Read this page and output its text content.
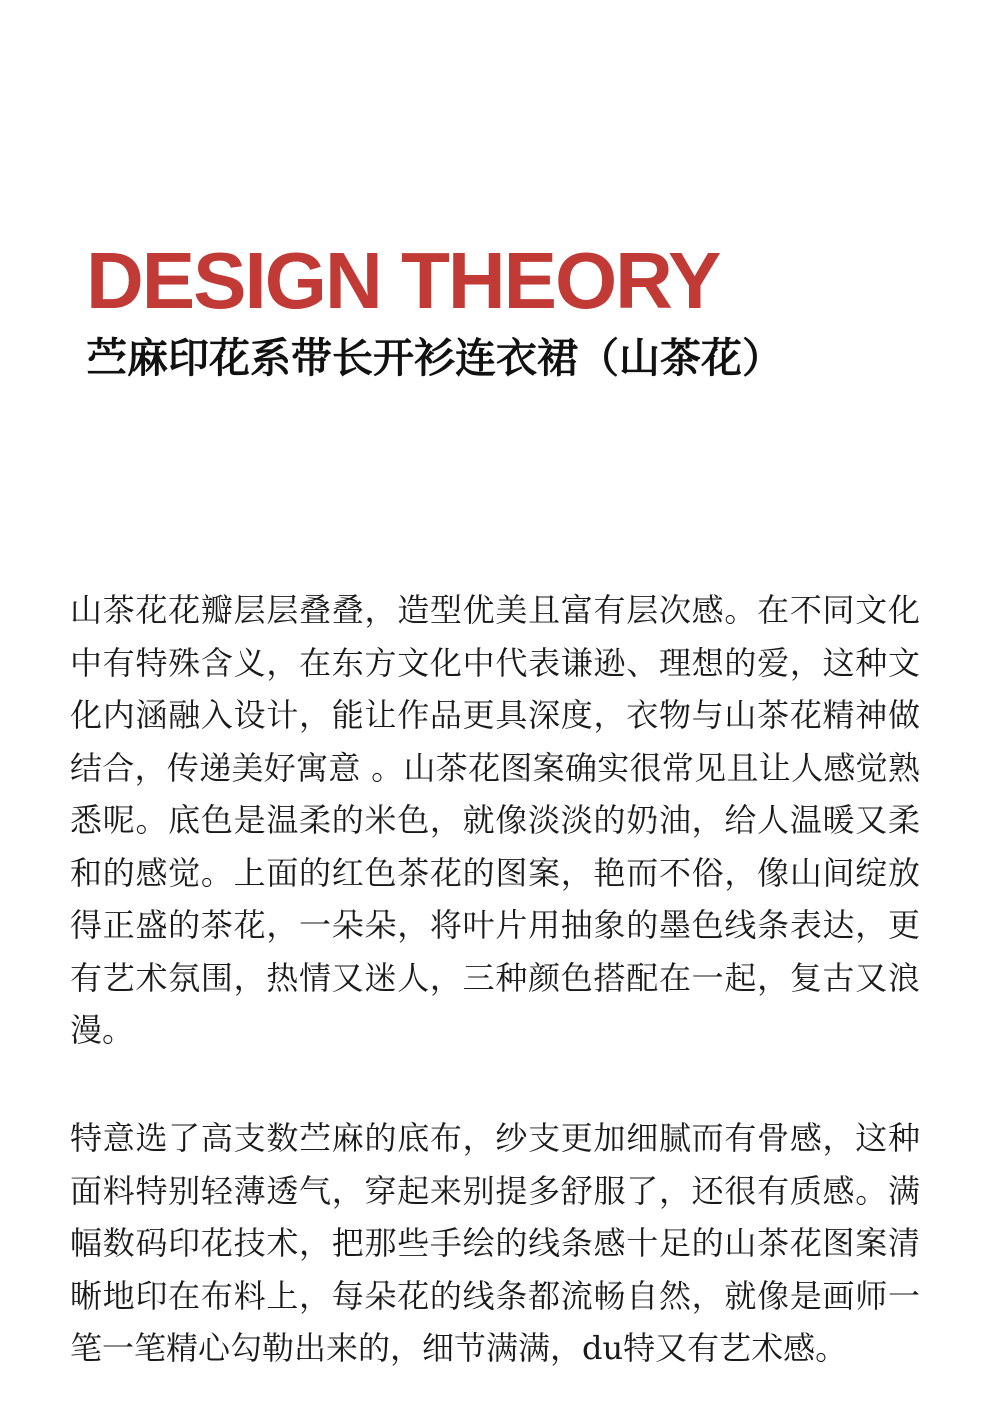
DESIGN THEORY
苎麻印花系带长开衫连衣裙（山茶花）

山茶花花瓣层层叠叠，造型优美且富有层次感。在不同文化中有特殊含义，在东方文化中代表谦逊、理想的爱，这种文化内涵融入设计，能让作品更具深度，衣物与山茶花精神做结合，传递美好寓意 。山茶花图案确实很常见且让人感觉熟悉呢。底色是温柔的米色，就像淡淡的奶油，给人温暖又柔和的感觉。上面的红色茶花的图案，艳而不俗，像山间绽放得正盛的茶花，一朵朵，将叶片用抽象的墨色线条表达，更有艺术氛围，热情又迷人，三种颜色搭配在一起，复古又浪漫。

特意选了高支数苎麻的底布，纱支更加细腻而有骨感，这种面料特别轻薄透气，穿起来别提多舒服了，还很有质感。满幅数码印花技术，把那些手绘的线条感十足的山茶花图案清晰地印在布料上，每朵花的线条都流畅自然，就像是画师一笔一笔精心勾勒出来的，细节满满，du特又有艺术感。
